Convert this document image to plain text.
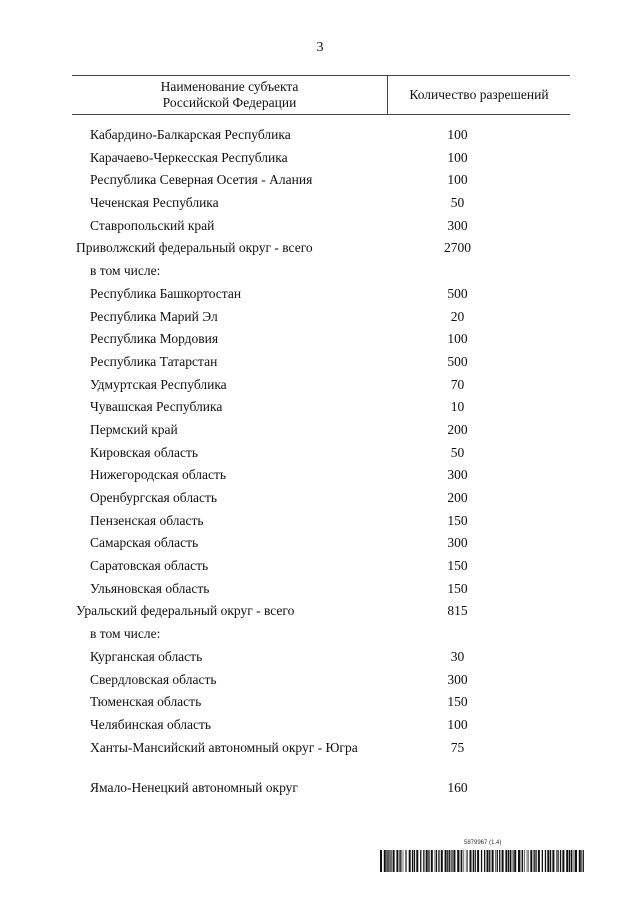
3
Наименование субъекта
Российской Федерации
Количество разрешений
Кабардино-Балкарская Республика	100
Карачаево-Черкесская Республика	100
Республика Северная Осетия - Алания	100
Чеченская Республика	50
Ставропольский край	300
Приволжский федеральный округ - всего	2700
в том числе:
Республика Башкортостан	500
Республика Марий Эл	20
Республика Мордовия	100
Республика Татарстан	500
Удмуртская Республика	70
Чувашская Республика	10
Пермский край	200
Кировская область	50
Нижегородская область	300
Оренбургская область	200
Пензенская область	150
Самарская область	300
Саратовская область	150
Ульяновская область	150
Уральский федеральный округ - всего	815
в том числе:
Курганская область	30
Свердловская область	300
Тюменская область	150
Челябинская область	100
Ханты-Мансийский автономный округ - Югра	75
Ямало-Ненецкий автономный округ	160
5879967 (1.4)
